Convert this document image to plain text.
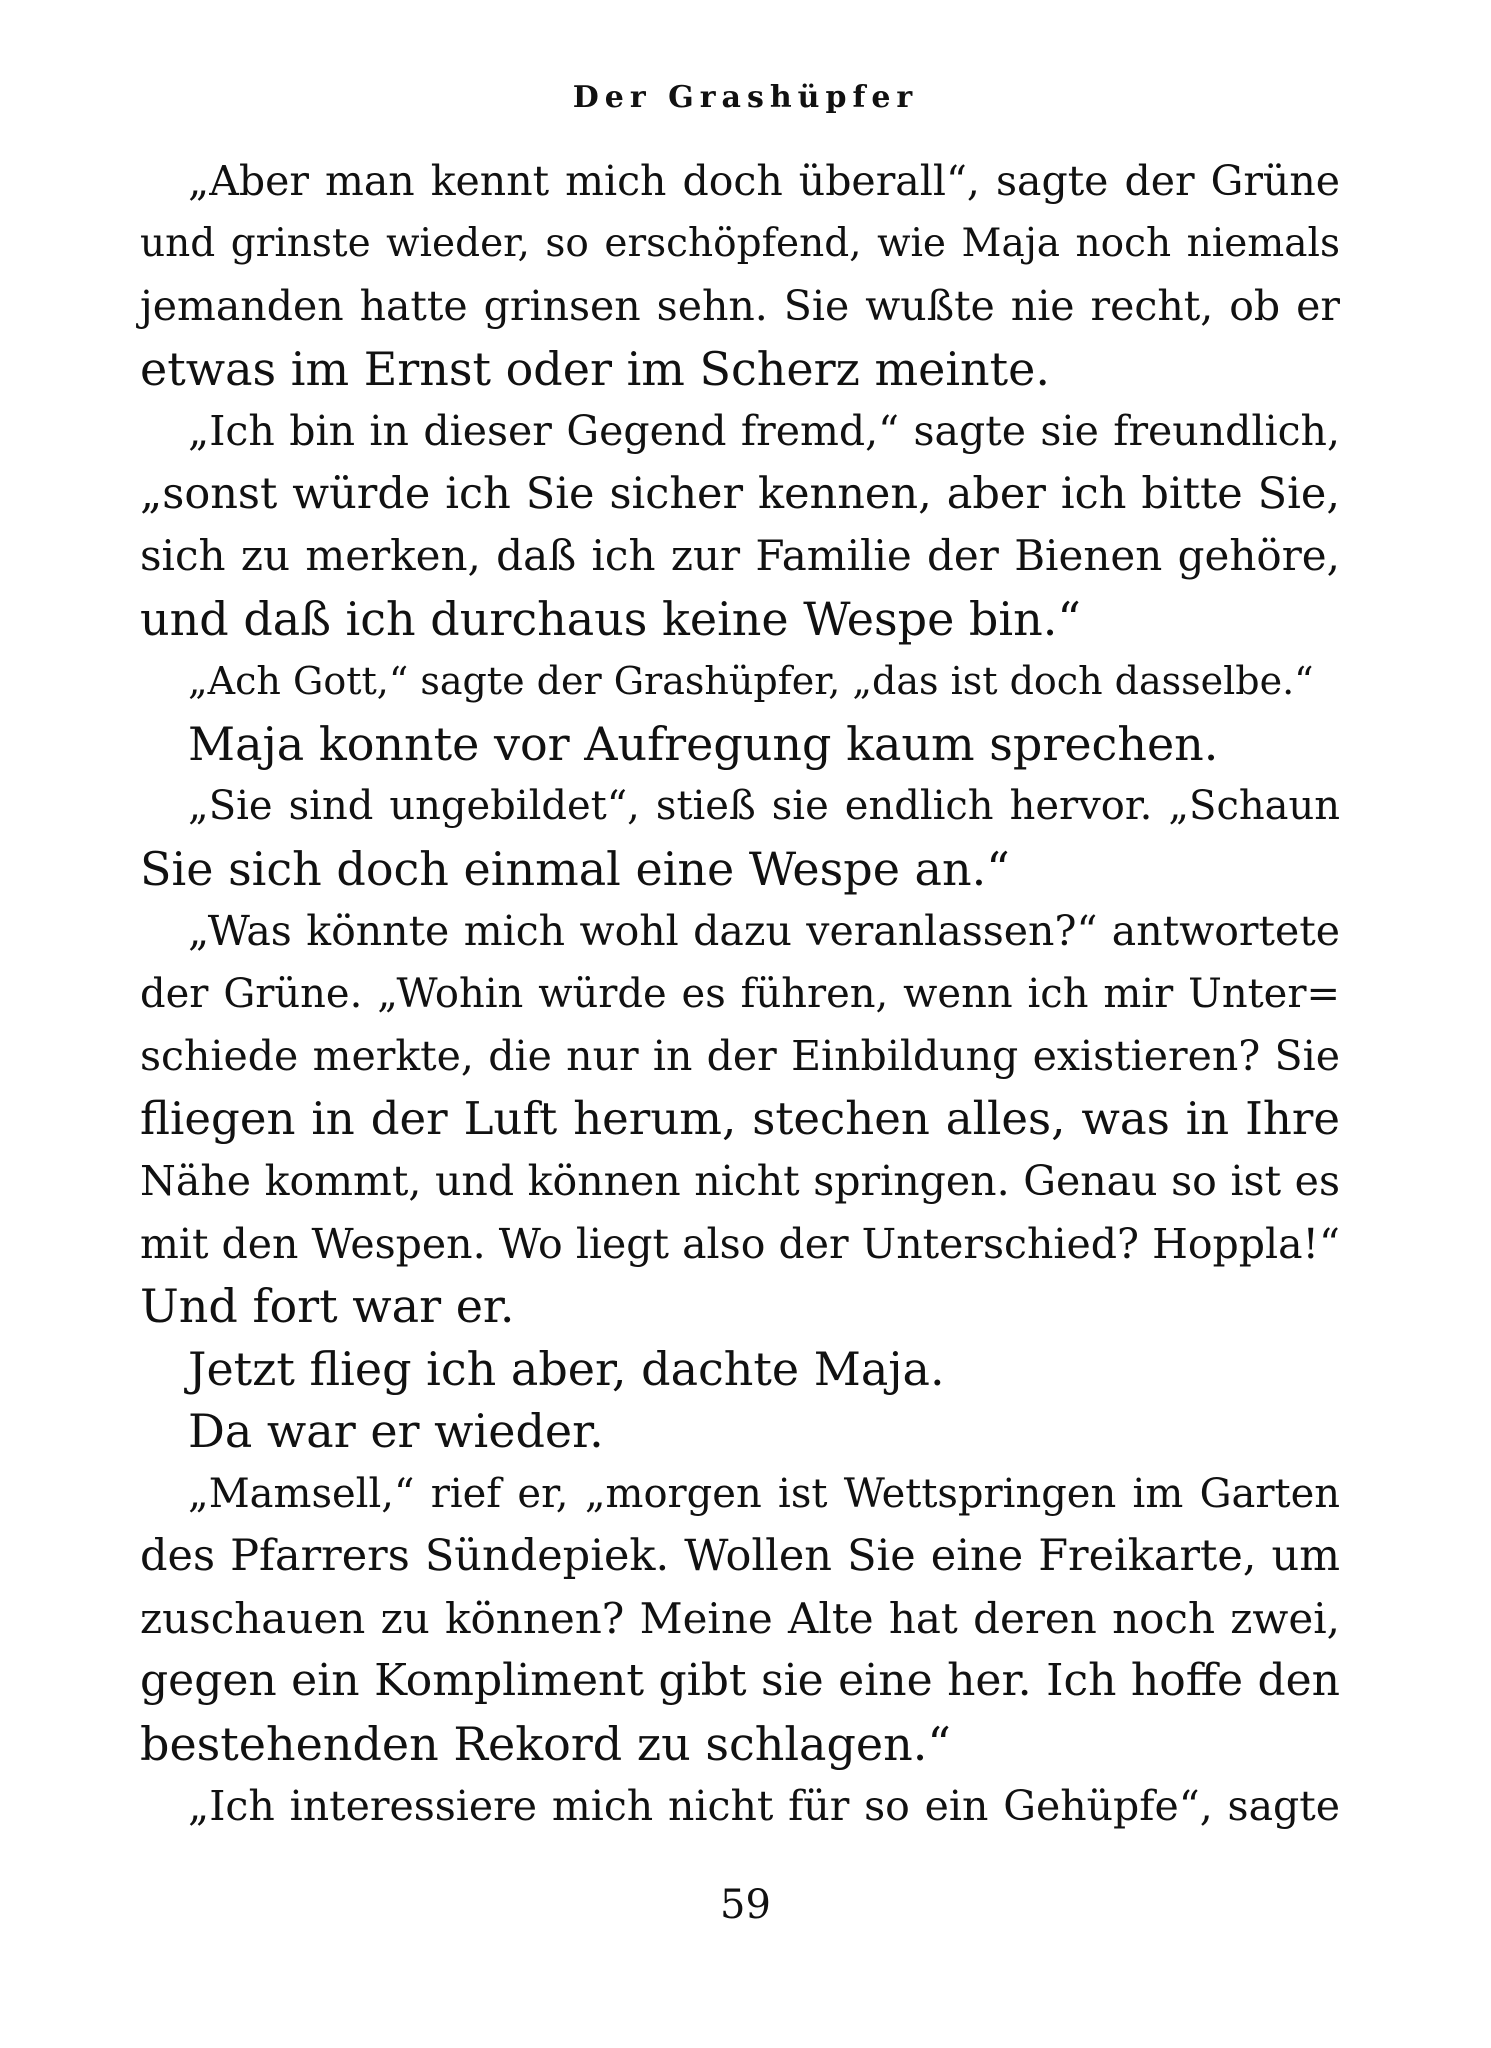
Der Grashüpfer
„Aber man kennt mich doch überall“, sagte der Grüne
und grinste wieder, so erschöpfend, wie Maja noch niemals
jemanden hatte grinsen sehn. Sie wußte nie recht, ob er
etwas im Ernst oder im Scherz meinte.
„Ich bin in dieser Gegend fremd,“ sagte sie freundlich,
„sonst würde ich Sie sicher kennen, aber ich bitte Sie,
sich zu merken, daß ich zur Familie der Bienen gehöre,
und daß ich durchaus keine Wespe bin.“
„Ach Gott,“ sagte der Grashüpfer, „das ist doch dasselbe.“
Maja konnte vor Aufregung kaum sprechen.
„Sie sind ungebildet“, stieß sie endlich hervor. „Schaun
Sie sich doch einmal eine Wespe an.“
„Was könnte mich wohl dazu veranlassen?“ antwortete
der Grüne. „Wohin würde es führen, wenn ich mir Unter=
schiede merkte, die nur in der Einbildung existieren? Sie
fliegen in der Luft herum, stechen alles, was in Ihre
Nähe kommt, und können nicht springen. Genau so ist es
mit den Wespen. Wo liegt also der Unterschied? Hoppla!“
Und fort war er.
Jetzt flieg ich aber, dachte Maja.
Da war er wieder.
„Mamsell,“ rief er, „morgen ist Wettspringen im Garten
des Pfarrers Sündepiek. Wollen Sie eine Freikarte, um
zuschauen zu können? Meine Alte hat deren noch zwei,
gegen ein Kompliment gibt sie eine her. Ich hoffe den
bestehenden Rekord zu schlagen.“
„Ich interessiere mich nicht für so ein Gehüpfe“, sagte
59
